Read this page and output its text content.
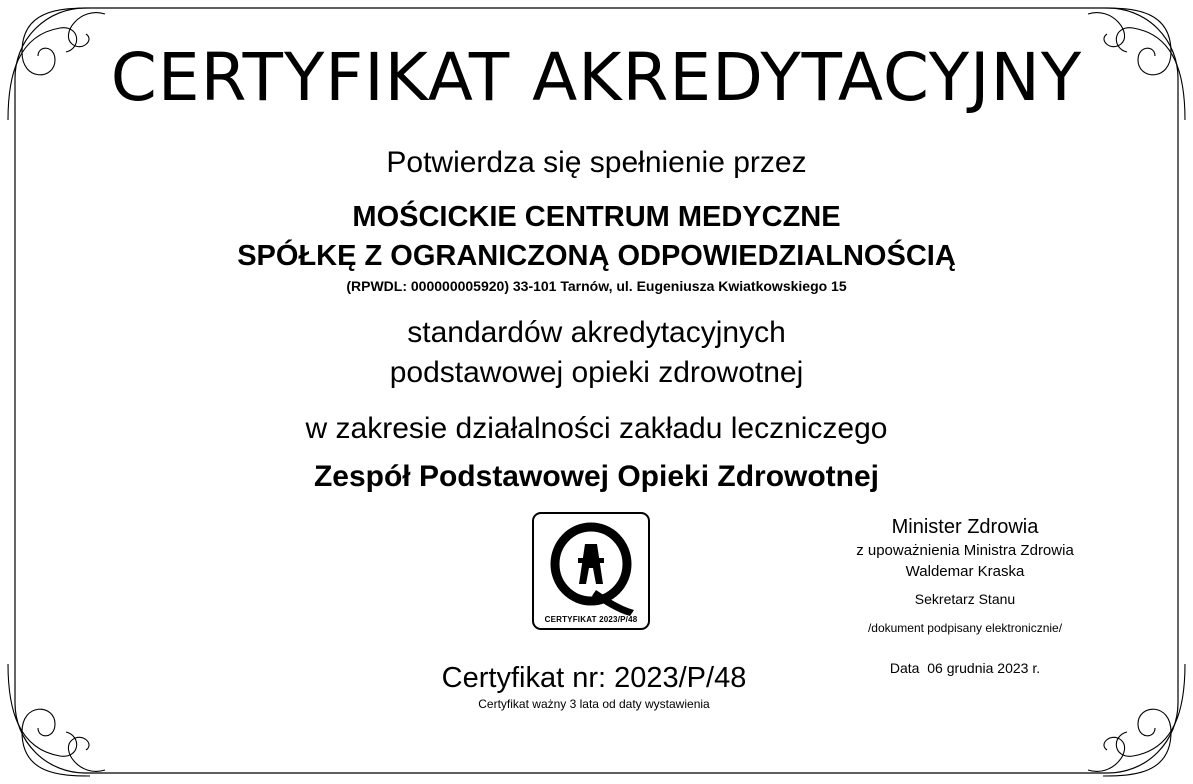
CERTYFIKAT AKREDYTACYJNY
Potwierdza się spełnienie przez
MOŚCICKIE CENTRUM MEDYCZNE
SPÓŁKĘ Z OGRANICZONĄ ODPOWIEDZIALNOŚCIĄ
(RPWDL: 000000005920) 33-101 Tarnów, ul. Eugeniusza Kwiatkowskiego 15
standardów akredytacyjnych
podstawowej opieki zdrowotnej
w zakresie działalności zakładu leczniczego
Zespół Podstawowej Opieki Zdrowotnej
CERTYFIKAT 2023/P/48
Certyfikat nr: 2023/P/48
Certyfikat ważny 3 lata od daty wystawienia
Minister Zdrowia
z upoważnienia Ministra Zdrowia
Waldemar Kraska
Sekretarz Stanu
/dokument podpisany elektronicznie/
Data  06 grudnia 2023 r.
